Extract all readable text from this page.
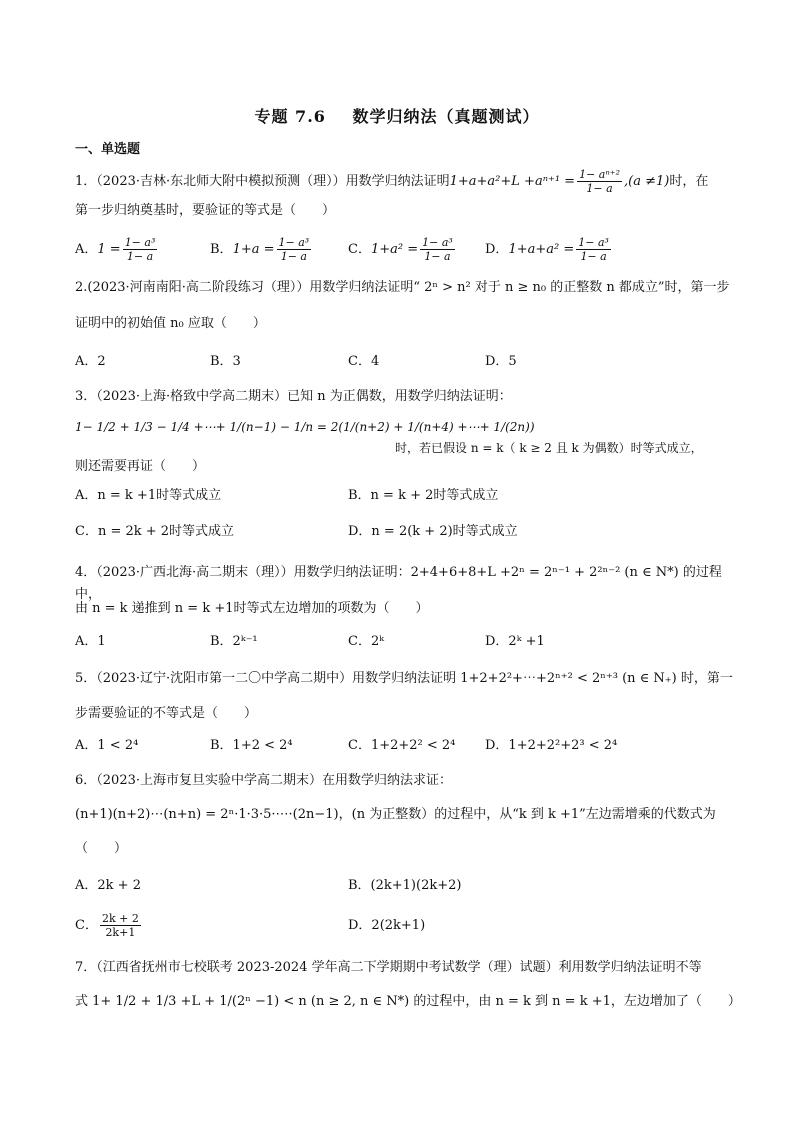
专题 7.6 数学归纳法（真题测试）
一、单选题
1．（2023·吉林·东北师大附中模拟预测（理））用数学归纳法证明$1+a+a^2+L +a^{n+1} = \frac{\text{1− aⁿ⁺²}}{1- a} ,(a \ne 1)$时，在
第一步归纳奠基时，要验证的等式是（　　）
A．$1 = \frac{\text{1− a³}}{1- a}$	B．$1+a = \frac{\text{1− a³}}{1- a}$	C．$1+a^2 = \frac{\text{1− a³}}{1- a}$ D．$1+a+a^2 = \frac{\text{1− a³}}{1- a}$
2.(2023·河南南阳·高二阶段练习（理））用数学归纳法证明“ 2ⁿ > n² 对于 n ≥ n₀ 的正整数 n 都成立”时，第一步
证明中的初始值 n₀ 应取（　　）
A．2	B．3	C．4	D．5
3．（2023·上海·格致中学高二期末）已知 n 为正偶数，用数学归纳法证明：
1− 1/2 + 1/3 − 1/4 +⋯+ 1/(n−1) − 1/n = 2(1/(n+2) + 1/(n+4) +⋯+ 1/(2n))
时，若已假设 n = k（ k ≥ 2 且 k 为偶数）时等式成立，
则还需要再证（　　）
A．n = k +1时等式成立	B．n = k + 2时等式成立
C．n = 2k + 2时等式成立	D．n = 2(k + 2)时等式成立
4．（2023·广西北海·高二期末（理））用数学归纳法证明：2+4+6+8+L +2ⁿ = 2ⁿ⁻¹ + 2²ⁿ⁻² (n ∈ N*) 的过程中，
由 n = k 递推到 n = k +1时等式左边增加的项数为（　　）
A．1	B．2ᵏ⁻¹	C．2ᵏ	D．2ᵏ +1
5．（2023·辽宁·沈阳市第一二〇中学高二期中）用数学归纳法证明 1+2+2²+⋯+2ⁿ⁺² < 2ⁿ⁺³ (n ∈ N₊) 时，第一
步需要验证的不等式是（　　）
A．1 < 2⁴	B．1+2 < 2⁴	C．1+2+2² < 2⁴ D．1+2+2²+2³ < 2⁴
6．（2023·上海市复旦实验中学高二期末）在用数学归纳法求证：
(n+1)(n+2)⋯(n+n) = 2ⁿ·1·3·5·⋯·(2n−1)，(n 为正整数）的过程中，从“k 到 k +1”左边需增乘的代数式为
（　　）
A．2k + 2	B．(2k+1)(2k+2)
C． $\frac{2k + 2}{2k+1}$	D．2(2k+1)
7．（江西省抚州市七校联考 2023-2024 学年高二下学期期中考试数学（理）试题）利用数学归纳法证明不等
式 1+ 1/2 + 1/3 +L + 1/(2ⁿ −1) < n (n ≥ 2, n ∈ N*) 的过程中，由 n = k 到 n = k +1，左边增加了（　　）
